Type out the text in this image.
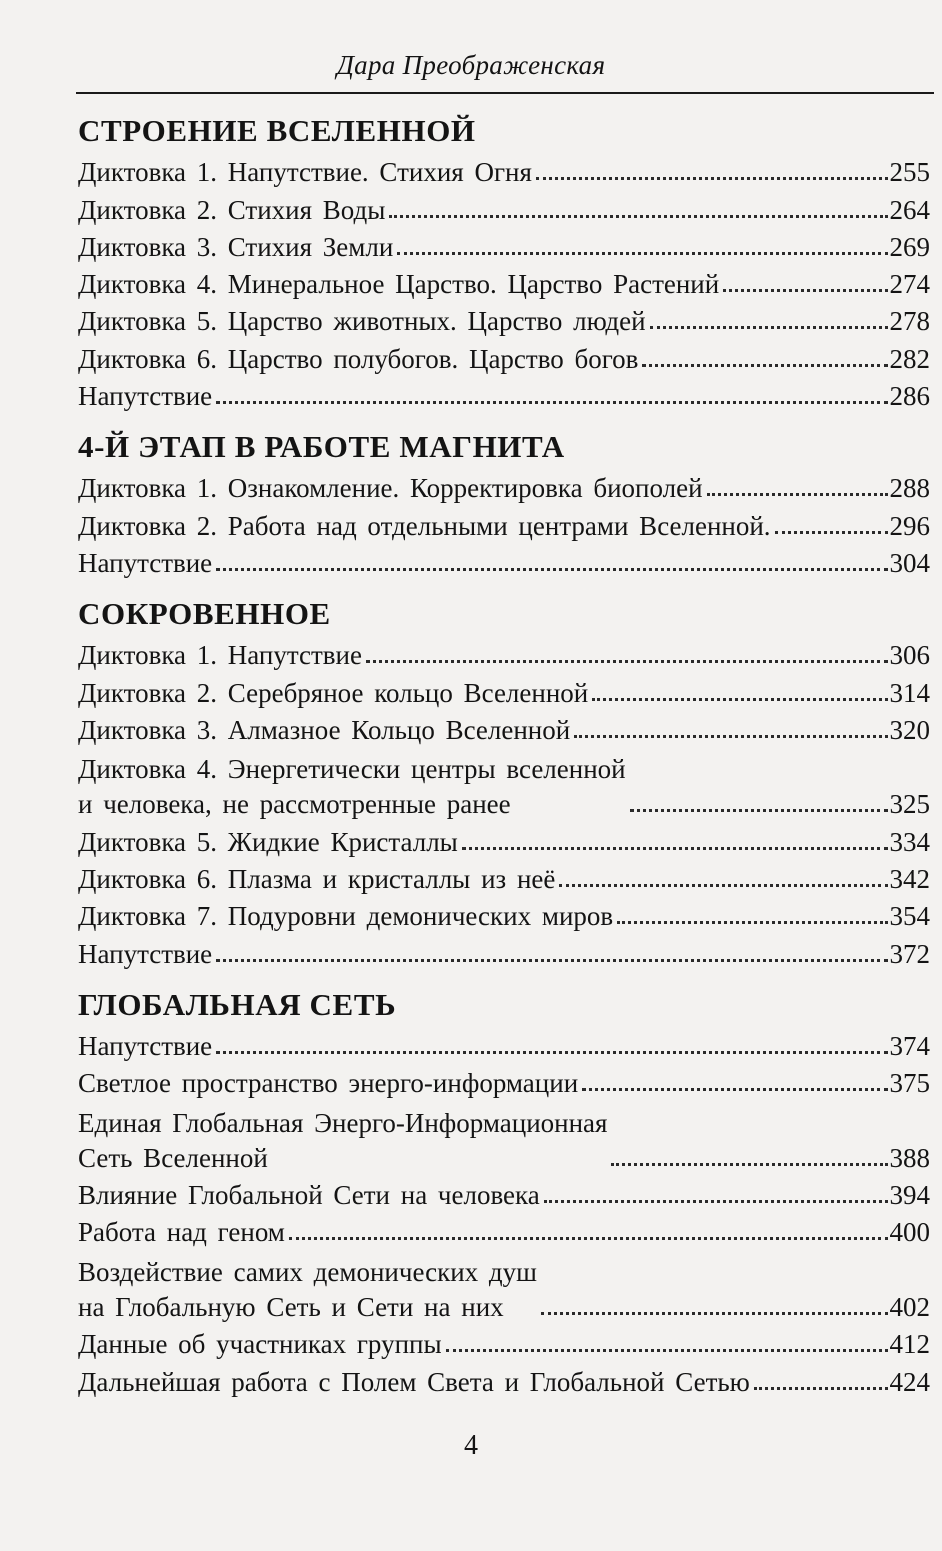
Дара Преображенская
СТРОЕНИЕ ВСЕЛЕННОЙ
Диктовка 1. Напутствие. Стихия Огня	255
Диктовка 2. Стихия Воды	264
Диктовка 3. Стихия Земли	269
Диктовка 4. Минеральное Царство. Царство Растений	274
Диктовка 5. Царство животных. Царство людей	278
Диктовка 6. Царство полубогов. Царство богов	282
Напутствие	286
4-Й ЭТАП В РАБОТЕ МАГНИТА
Диктовка 1. Ознакомление. Корректировка биополей	288
Диктовка 2. Работа над отдельными центрами Вселенной.	296
Напутствие	304
СОКРОВЕННОЕ
Диктовка 1. Напутствие	306
Диктовка 2. Серебряное кольцо Вселенной	314
Диктовка 3. Алмазное Кольцо Вселенной	320
Диктовка 4. Энергетически центры вселенной
и человека, не рассмотренные ранее	325
Диктовка 5. Жидкие Кристаллы	334
Диктовка 6. Плазма и кристаллы из неё	342
Диктовка 7. Подуровни демонических миров	354
Напутствие	372
ГЛОБАЛЬНАЯ СЕТЬ
Напутствие	374
Светлое пространство энерго-информации	375
Единая Глобальная Энерго-Информационная
Сеть Вселенной	388
Влияние Глобальной Сети на человека	394
Работа над геном	400
Воздействие самих демонических душ
на Глобальную Сеть и Сети на них	402
Данные об участниках группы	412
Дальнейшая работа с Полем Света и Глобальной Сетью	424
4
